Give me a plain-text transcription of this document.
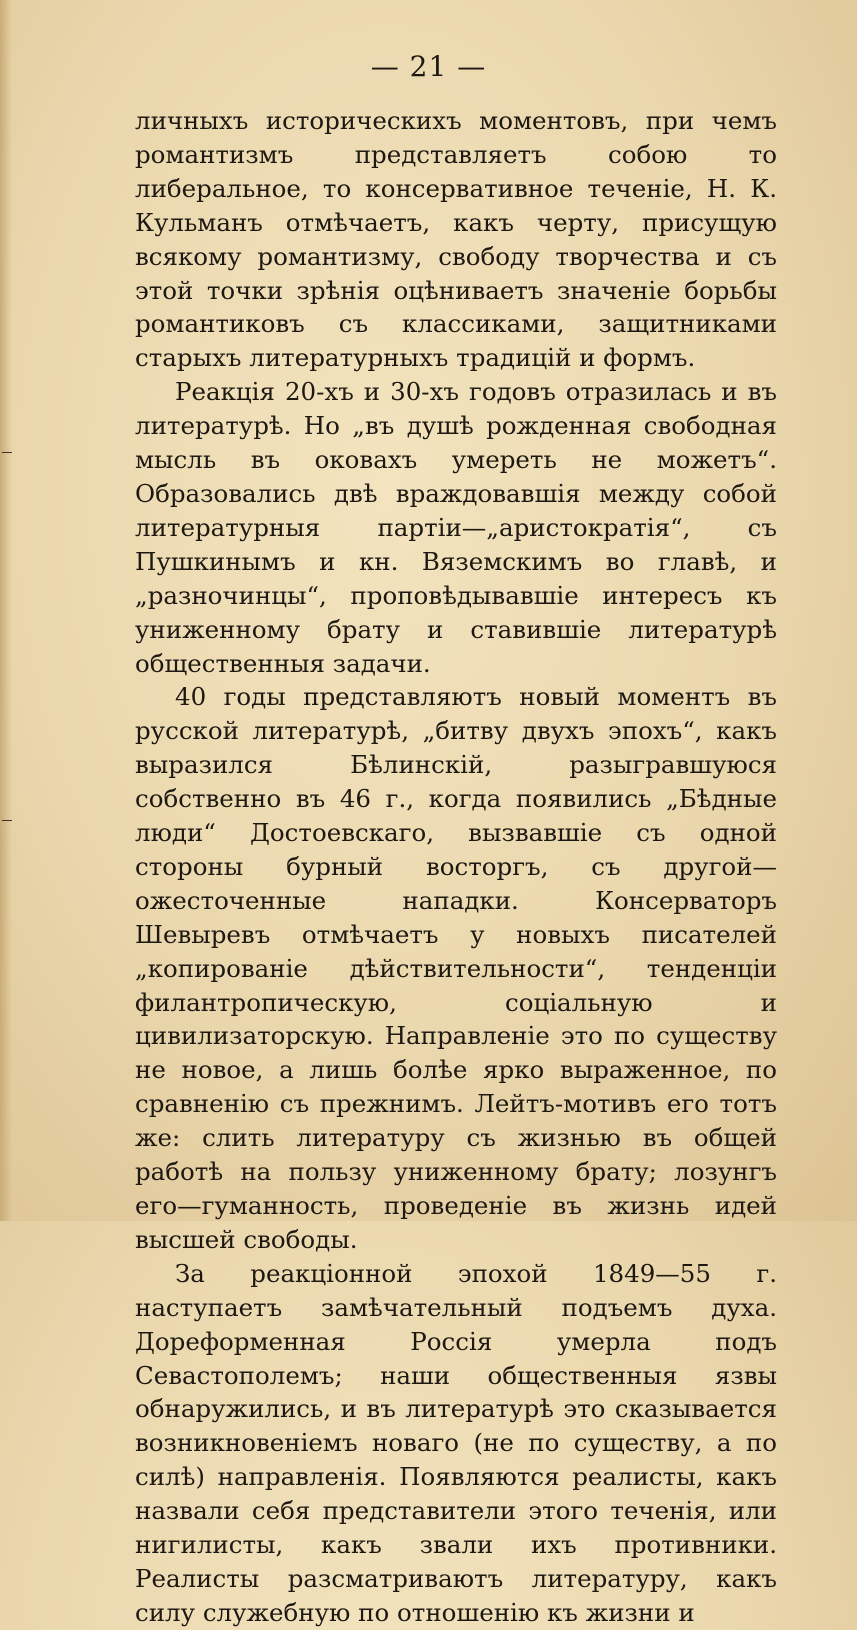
— 21 —

личныхъ историческихъ моментовъ, при чемъ романтизмъ представляетъ собою то либеральное, то консервативное теченіе, Н. К. Кульманъ отмѣчаетъ, какъ черту, присущую всякому романтизму, свободу творчества и съ этой точки зрѣнія оцѣниваетъ значеніе борьбы романтиковъ съ классиками, защитниками старыхъ литературныхъ традицій и формъ.

Реакція 20-хъ и 30-хъ годовъ отразилась и въ литературѣ. Но „въ душѣ рожденная свободная мысль въ оковахъ умереть не можетъ“. Образовались двѣ враждовавшія между собой литературныя партіи—„аристократія“, съ Пушкинымъ и кн. Вяземскимъ во главѣ, и „разночинцы“, проповѣдывавшіе интересъ къ униженному брату и ставившіе литературѣ общественныя задачи.

40 годы представляютъ новый моментъ въ русской литературѣ, „битву двухъ эпохъ“, какъ выразился Бѣлинскій, разыгравшуюся собственно въ 46 г., когда появились „Бѣдные люди“ Достоевскаго, вызвавшіе съ одной стороны бурный восторгъ, съ другой—ожесточенные нападки. Консерваторъ Шевыревъ отмѣчаетъ у новыхъ писателей „копированіе дѣйствительности“, тенденціи филантропическую, соціальную и цивилизаторскую. Направленіе это по существу не новое, а лишь болѣе ярко выраженное, по сравненію съ прежнимъ. Лейтъ-мотивъ его тотъ же: слить литературу съ жизнью въ общей работѣ на пользу униженному брату; лозунгъ его—гуманность, проведеніе въ жизнь идей высшей свободы.

За реакціонной эпохой 1849—55 г. наступаетъ замѣчательный подъемъ духа. Дореформенная Россія умерла подъ Севастополемъ; наши общественныя язвы обнаружились, и въ литературѣ это сказывается возникновеніемъ новаго (не по существу, а по силѣ) направленія. Появляются реалисты, какъ назвали себя представители этого теченія, или нигилисты, какъ звали ихъ противники. Реалисты разсматриваютъ литературу, какъ силу служебную по отношенію къ жизни и
